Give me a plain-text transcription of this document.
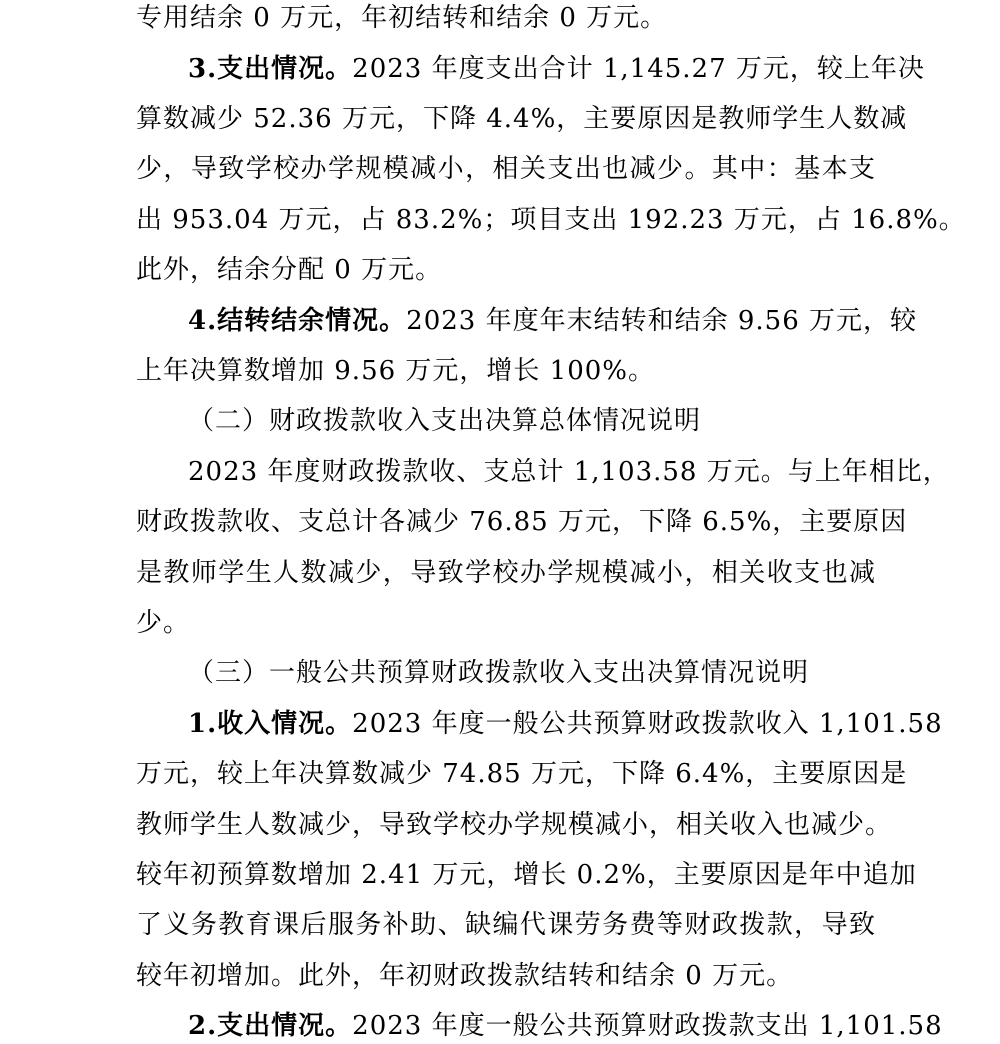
专用结余 0 万元，年初结转和结余 0 万元。
3.支出情况。2023 年度支出合计 1,145.27 万元，较上年决
算数减少 52.36 万元，下降 4.4%，主要原因是教师学生人数减
少，导致学校办学规模减小，相关支出也减少。其中：基本支
出 953.04 万元，占 83.2%；项目支出 192.23 万元，占 16.8%。
此外，结余分配 0 万元。
4.结转结余情况。2023 年度年末结转和结余 9.56 万元，较
上年决算数增加 9.56 万元，增长 100%。
（二）财政拨款收入支出决算总体情况说明
2023 年度财政拨款收、支总计 1,103.58 万元。与上年相比，
财政拨款收、支总计各减少 76.85 万元，下降 6.5%，主要原因
是教师学生人数减少，导致学校办学规模减小，相关收支也减
少。
（三）一般公共预算财政拨款收入支出决算情况说明
1.收入情况。2023 年度一般公共预算财政拨款收入 1,101.58
万元，较上年决算数减少 74.85 万元，下降 6.4%，主要原因是
教师学生人数减少，导致学校办学规模减小，相关收入也减少。
较年初预算数增加 2.41 万元，增长 0.2%，主要原因是年中追加
了义务教育课后服务补助、缺编代课劳务费等财政拨款，导致
较年初增加。此外，年初财政拨款结转和结余 0 万元。
2.支出情况。2023 年度一般公共预算财政拨款支出 1,101.58
